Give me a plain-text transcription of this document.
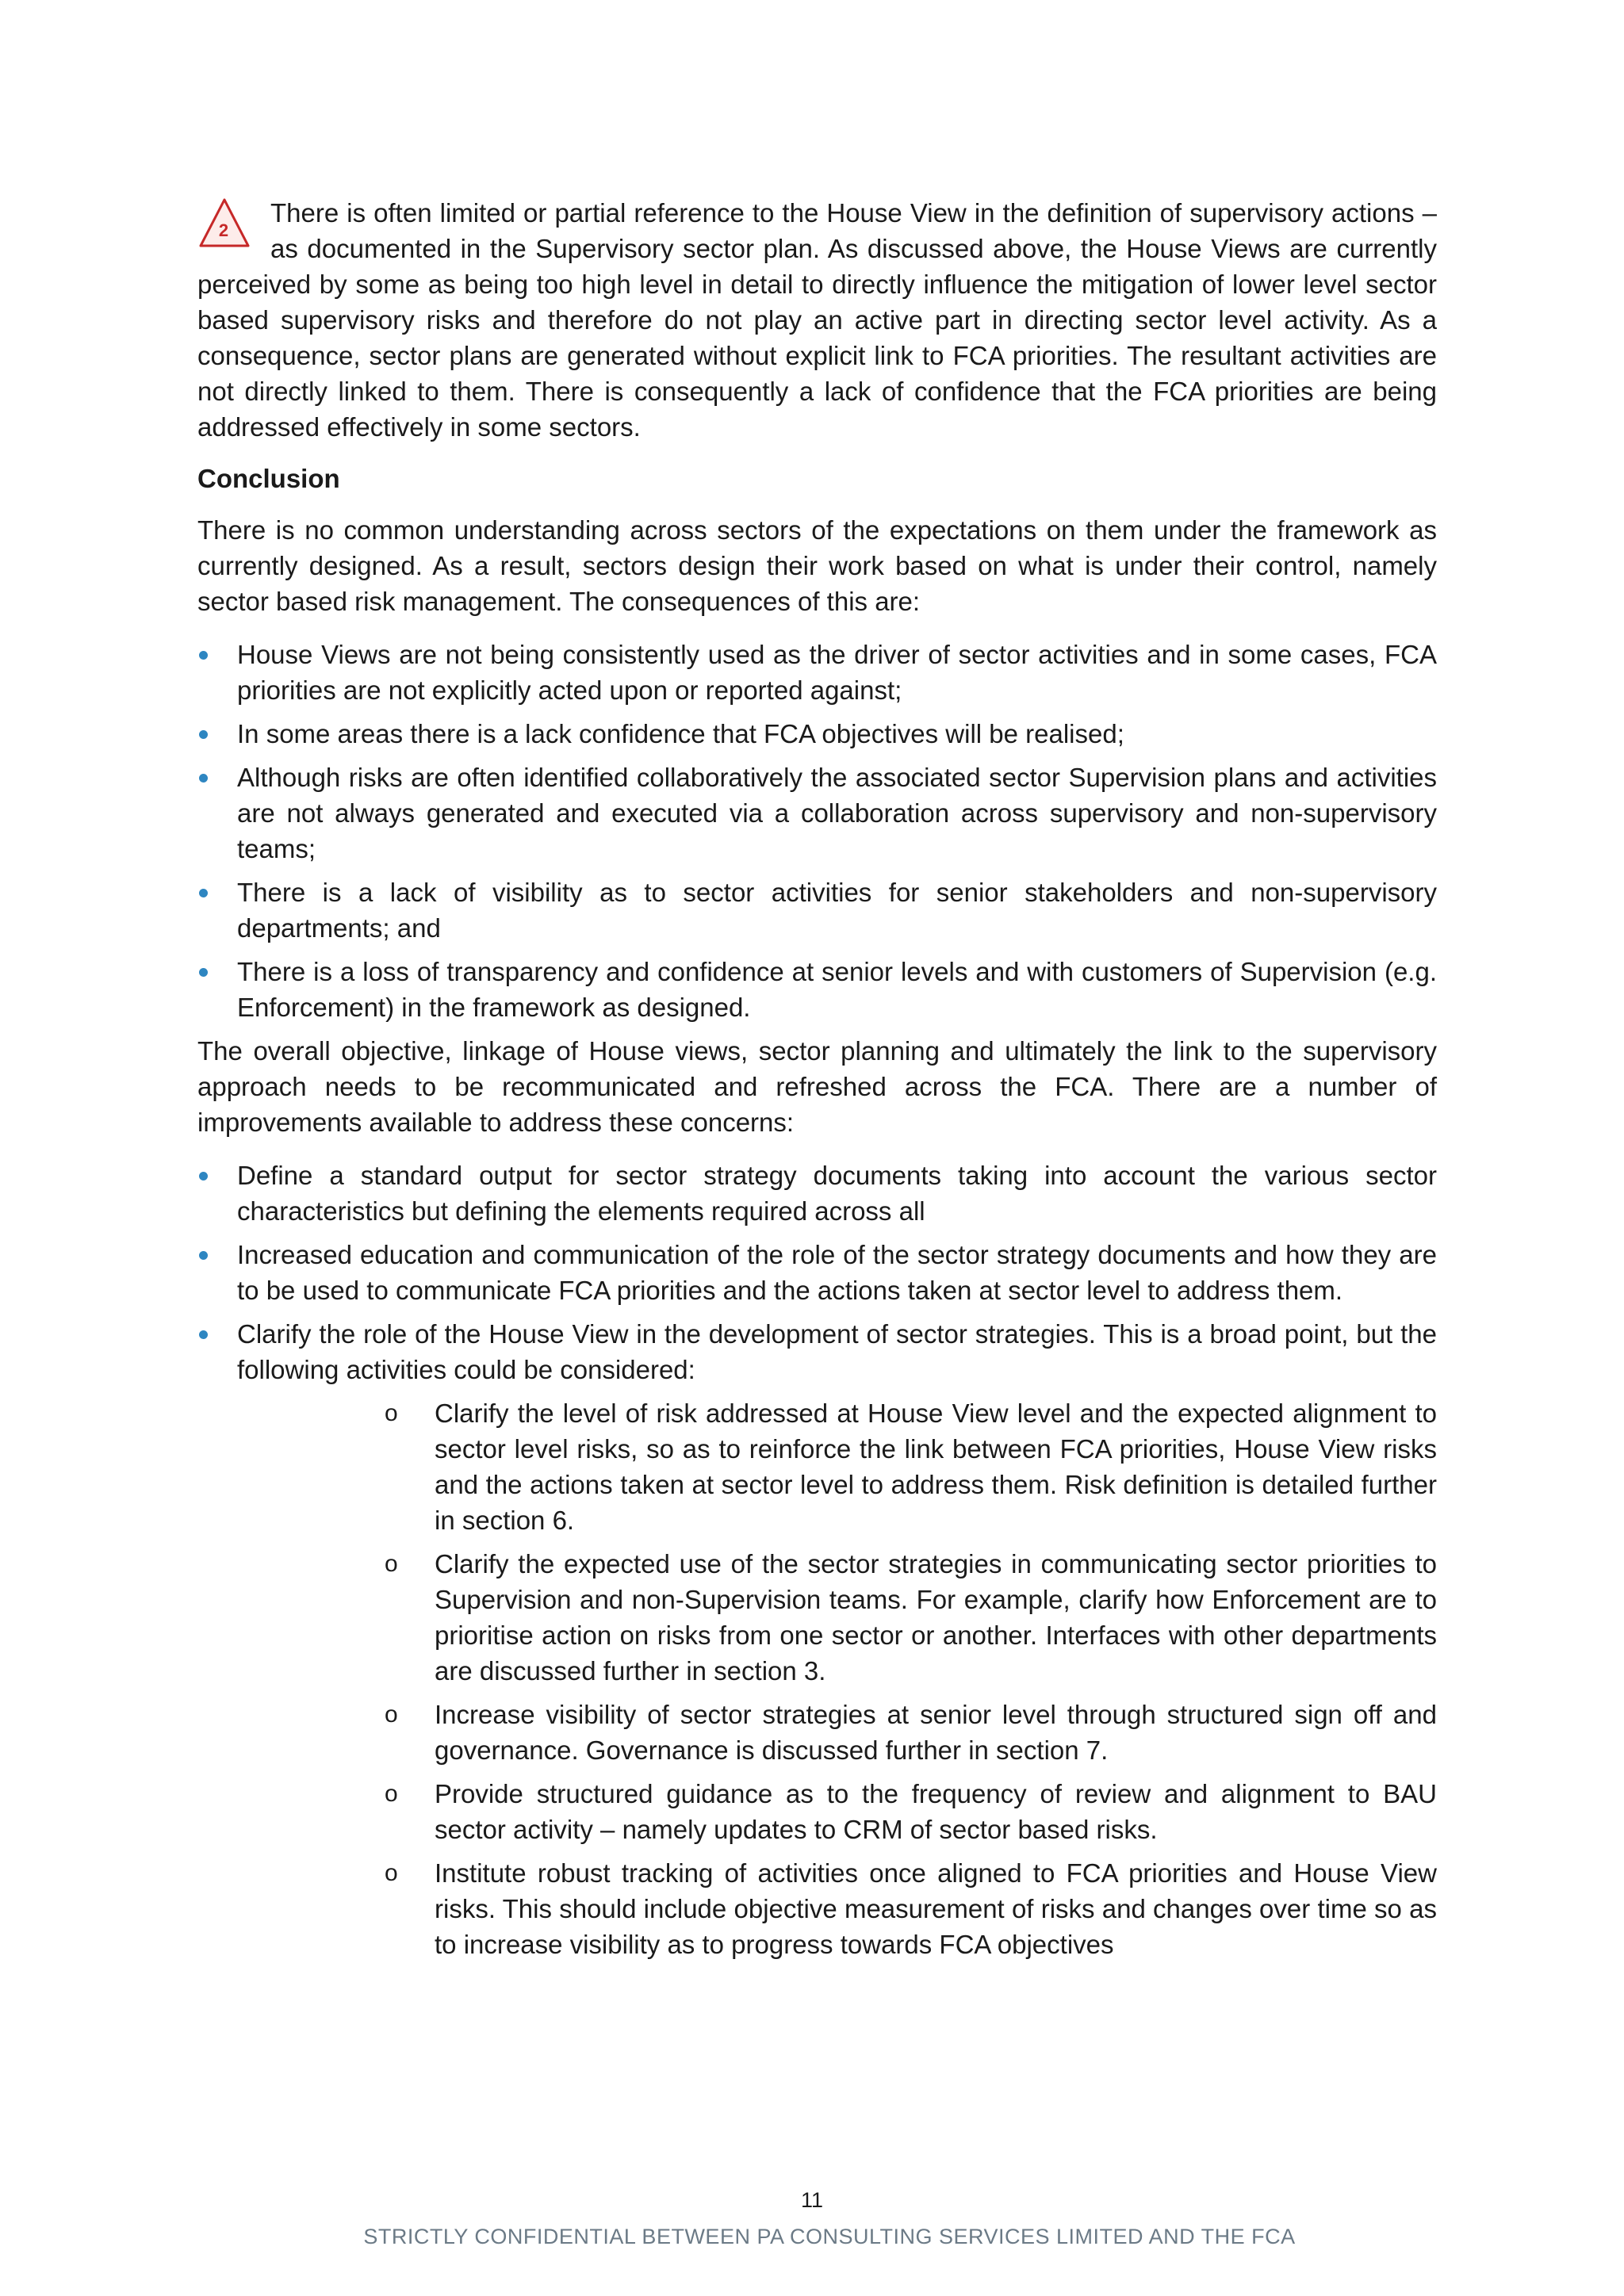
2
There is often limited or partial reference to the House View in the definition of supervisory actions – as documented in the Supervisory sector plan. As discussed above, the House Views are currently perceived by some as being too high level in detail to directly influence the mitigation of lower level sector based supervisory risks and therefore do not play an active part in directing sector level activity. As a consequence, sector plans are generated without explicit link to FCA priorities. The resultant activities are not directly linked to them. There is consequently a lack of confidence that the FCA priorities are being addressed effectively in some sectors.

Conclusion

There is no common understanding across sectors of the expectations on them under the framework as currently designed. As a result, sectors design their work based on what is under their control, namely sector based risk management. The consequences of this are:

House Views are not being consistently used as the driver of sector activities and in some cases, FCA priorities are not explicitly acted upon or reported against;
In some areas there is a lack confidence that FCA objectives will be realised;
Although risks are often identified collaboratively the associated sector Supervision plans and activities are not always generated and executed via a collaboration across supervisory and non-supervisory teams;
There is a lack of visibility as to sector activities for senior stakeholders and non-supervisory departments; and
There is a loss of transparency and confidence at senior levels and with customers of Supervision (e.g. Enforcement) in the framework as designed.

The overall objective, linkage of House views, sector planning and ultimately the link to the supervisory approach needs to be recommunicated and refreshed across the FCA. There are a number of improvements available to address these concerns:

Define a standard output for sector strategy documents taking into account the various sector characteristics but defining the elements required across all
Increased education and communication of the role of the sector strategy documents and how they are to be used to communicate FCA priorities and the actions taken at sector level to address them.
Clarify the role of the House View in the development of sector strategies. This is a broad point, but the following activities could be considered:
o Clarify the level of risk addressed at House View level and the expected alignment to sector level risks, so as to reinforce the link between FCA priorities, House View risks and the actions taken at sector level to address them. Risk definition is detailed further in section 6.
o Clarify the expected use of the sector strategies in communicating sector priorities to Supervision and non-Supervision teams. For example, clarify how Enforcement are to prioritise action on risks from one sector or another. Interfaces with other departments are discussed further in section 3.
o Increase visibility of sector strategies at senior level through structured sign off and governance. Governance is discussed further in section 7.
o Provide structured guidance as to the frequency of review and alignment to BAU sector activity – namely updates to CRM of sector based risks.
o Institute robust tracking of activities once aligned to FCA priorities and House View risks. This should include objective measurement of risks and changes over time so as to increase visibility as to progress towards FCA objectives
11
STRICTLY CONFIDENTIAL BETWEEN PA CONSULTING SERVICES LIMITED AND THE FCA
